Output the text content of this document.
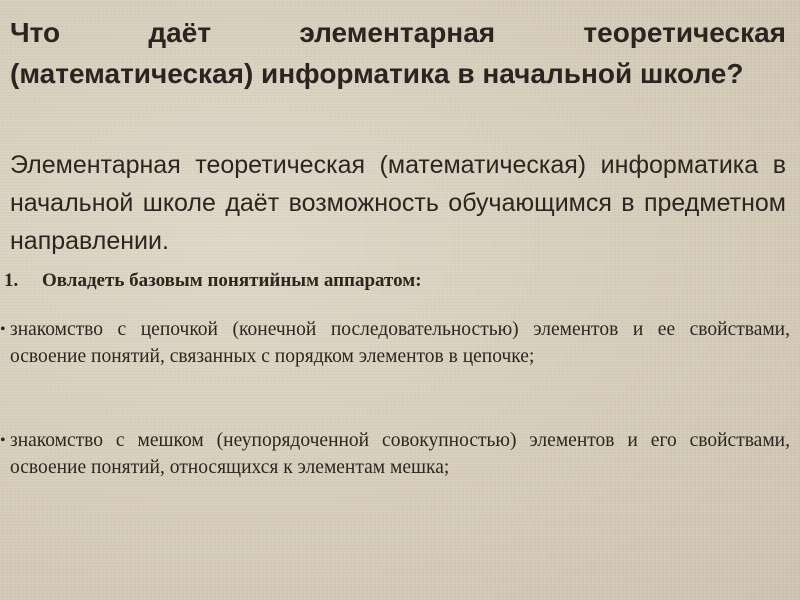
Что даёт элементарная теоретическая (математическая) информатика в начальной школе?

Элементарная теоретическая (математическая) информатика в начальной школе даёт возможность обучающимся в предметном направлении.

1. Овладеть базовым понятийным аппаратом:
• знакомство с цепочкой (конечной последовательностью) элементов и ее свойствами, освоение понятий, связанных с порядком элементов в цепочке;
• знакомство с мешком (неупорядоченной совокупностью) элементов и его свойствами, освоение понятий, относящихся к элементам мешка;
